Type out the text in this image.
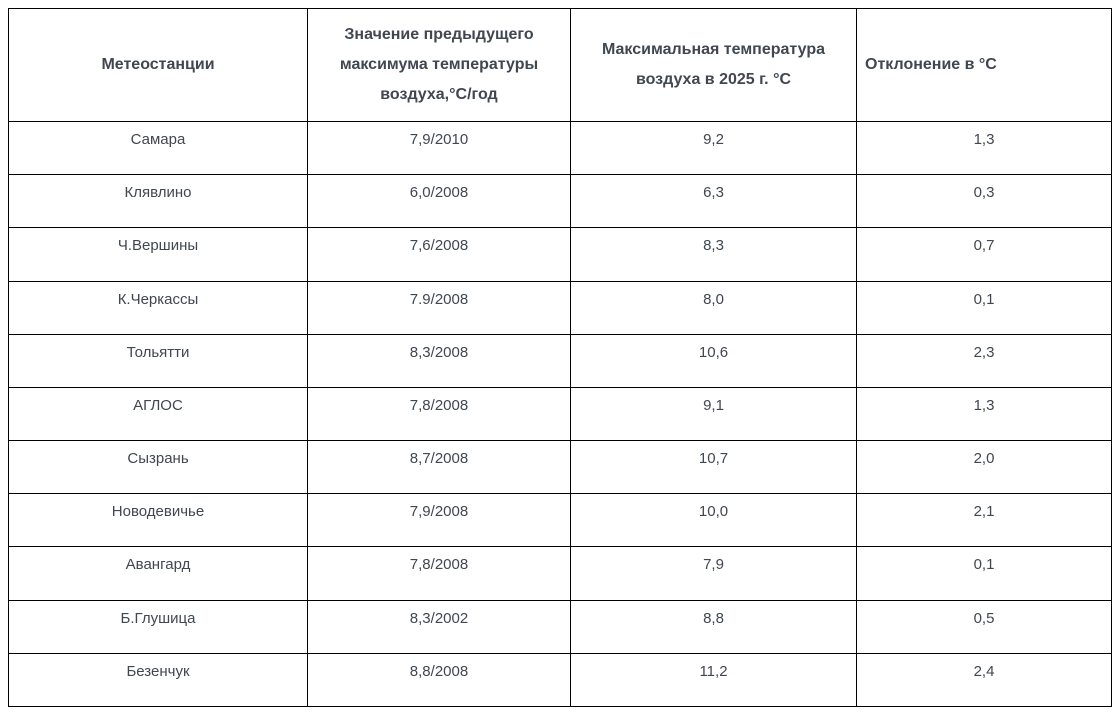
Метеостанции	Значение предыдущего максимума температуры воздуха,°С/год	Максимальная температура воздуха в 2025 г. °С	Отклонение в °С
Самара	7,9/2010	9,2	1,3
Клявлино	6,0/2008	6,3	0,3
Ч.Вершины	7,6/2008	8,3	0,7
К.Черкассы	7.9/2008	8,0	0,1
Тольятти	8,3/2008	10,6	2,3
АГЛОС	7,8/2008	9,1	1,3
Сызрань	8,7/2008	10,7	2,0
Новодевичье	7,9/2008	10,0	2,1
Авангард	7,8/2008	7,9	0,1
Б.Глушица	8,3/2002	8,8	0,5
Безенчук	8,8/2008	11,2	2,4
